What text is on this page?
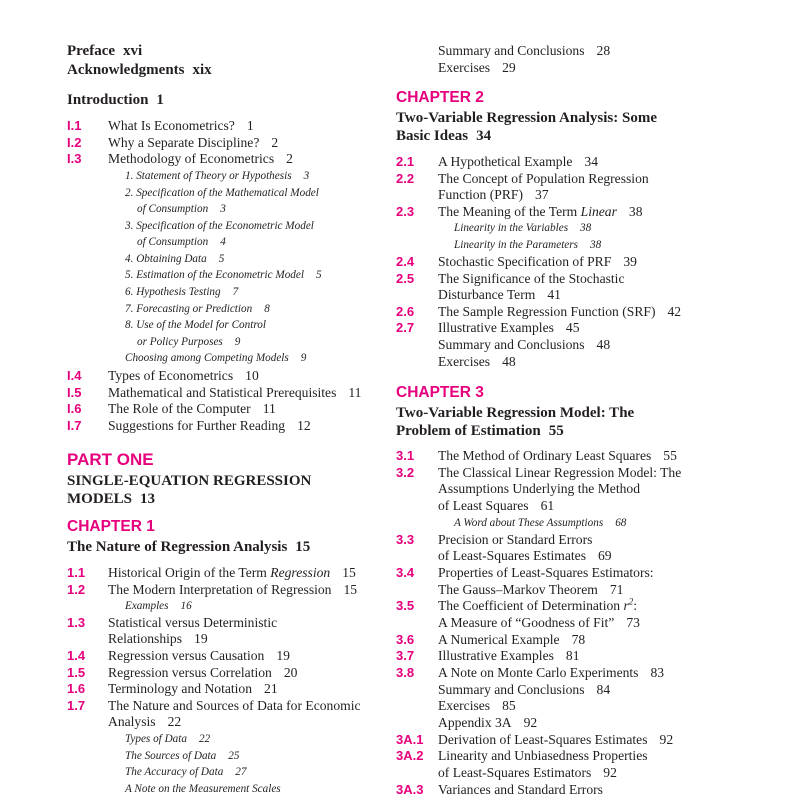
Preface xvi
Acknowledgments xix
Introduction 1
I.1 What Is Econometrics? 1
I.2 Why a Separate Discipline? 2
I.3 Methodology of Econometrics 2
1. Statement of Theory or Hypothesis 3
2. Specification of the Mathematical Model
of Consumption 3
3. Specification of the Econometric Model
of Consumption 4
4. Obtaining Data 5
5. Estimation of the Econometric Model 5
6. Hypothesis Testing 7
7. Forecasting or Prediction 8
8. Use of the Model for Control
or Policy Purposes 9
Choosing among Competing Models 9
I.4 Types of Econometrics 10
I.5 Mathematical and Statistical Prerequisites 11
I.6 The Role of the Computer 11
I.7 Suggestions for Further Reading 12
PART ONE
SINGLE-EQUATION REGRESSION
MODELS 13
CHAPTER 1
The Nature of Regression Analysis 15
1.1 Historical Origin of the Term Regression 15
1.2 The Modern Interpretation of Regression 15
Examples 16
1.3 Statistical versus Deterministic
Relationships 19
1.4 Regression versus Causation 19
1.5 Regression versus Correlation 20
1.6 Terminology and Notation 21
1.7 The Nature and Sources of Data for Economic
Analysis 22
Types of Data 22
The Sources of Data 25
The Accuracy of Data 27
A Note on the Measurement Scales
Summary and Conclusions 28
Exercises 29
CHAPTER 2
Two-Variable Regression Analysis: Some
Basic Ideas 34
2.1 A Hypothetical Example 34
2.2 The Concept of Population Regression
Function (PRF) 37
2.3 The Meaning of the Term Linear 38
Linearity in the Variables 38
Linearity in the Parameters 38
2.4 Stochastic Specification of PRF 39
2.5 The Significance of the Stochastic
Disturbance Term 41
2.6 The Sample Regression Function (SRF) 42
2.7 Illustrative Examples 45
Summary and Conclusions 48
Exercises 48
CHAPTER 3
Two-Variable Regression Model: The
Problem of Estimation 55
3.1 The Method of Ordinary Least Squares 55
3.2 The Classical Linear Regression Model: The
Assumptions Underlying the Method
of Least Squares 61
A Word about These Assumptions 68
3.3 Precision or Standard Errors
of Least-Squares Estimates 69
3.4 Properties of Least-Squares Estimators:
The Gauss–Markov Theorem 71
3.5 The Coefficient of Determination $r^2$:
A Measure of “Goodness of Fit” 73
3.6 A Numerical Example 78
3.7 Illustrative Examples 81
3.8 A Note on Monte Carlo Experiments 83
Summary and Conclusions 84
Exercises 85
Appendix 3A 92
3A.1 Derivation of Least-Squares Estimates 92
3A.2 Linearity and Unbiasedness Properties
of Least-Squares Estimators 92
3A.3 Variances and Standard Errors
